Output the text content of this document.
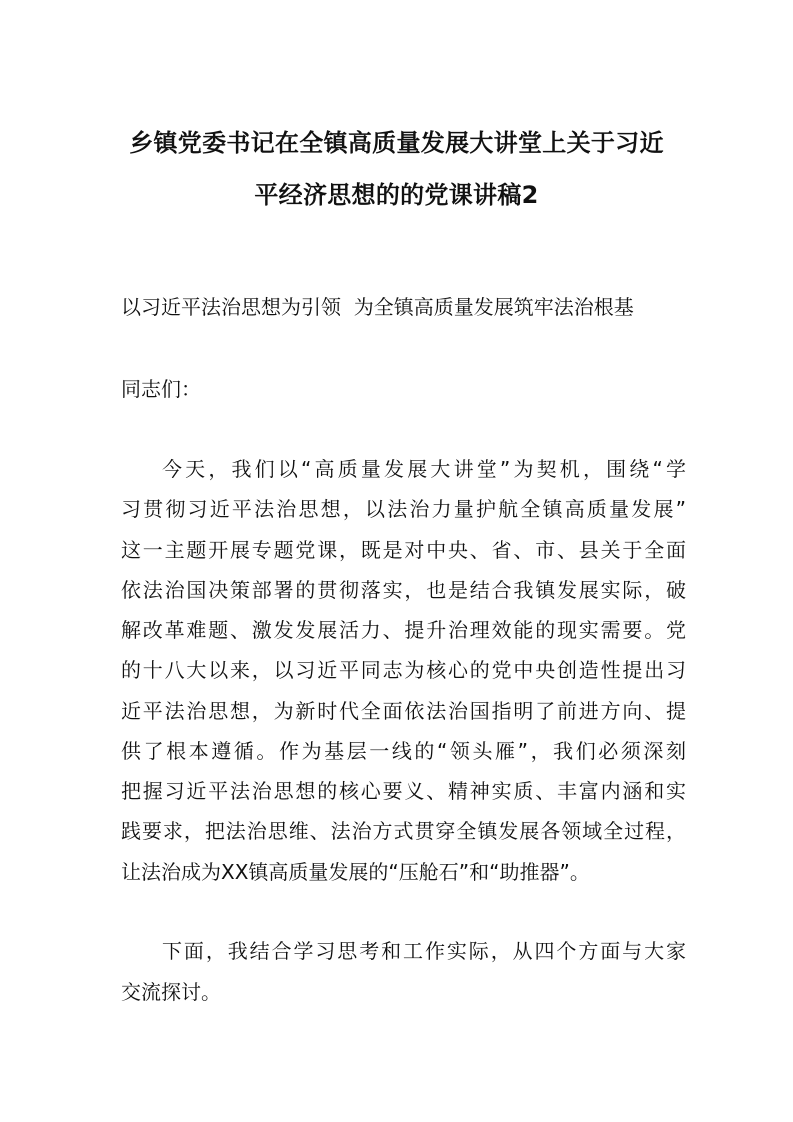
乡镇党委书记在全镇高质量发展大讲堂上关于习近
平经济思想的的党课讲稿2
以习近平法治思想为引领  为全镇高质量发展筑牢法治根基
同志们：
今天，我们以“高质量发展大讲堂”为契机，围绕“学
习贯彻习近平法治思想，以法治力量护航全镇高质量发展”
这一主题开展专题党课，既是对中央、省、市、县关于全面
依法治国决策部署的贯彻落实，也是结合我镇发展实际，破
解改革难题、激发发展活力、提升治理效能的现实需要。党
的十八大以来，以习近平同志为核心的党中央创造性提出习
近平法治思想，为新时代全面依法治国指明了前进方向、提
供了根本遵循。作为基层一线的“领头雁”，我们必须深刻
把握习近平法治思想的核心要义、精神实质、丰富内涵和实
践要求，把法治思维、法治方式贯穿全镇发展各领域全过程，
让法治成为XX镇高质量发展的“压舱石”和“助推器”。
下面，我结合学习思考和工作实际，从四个方面与大家
交流探讨。
